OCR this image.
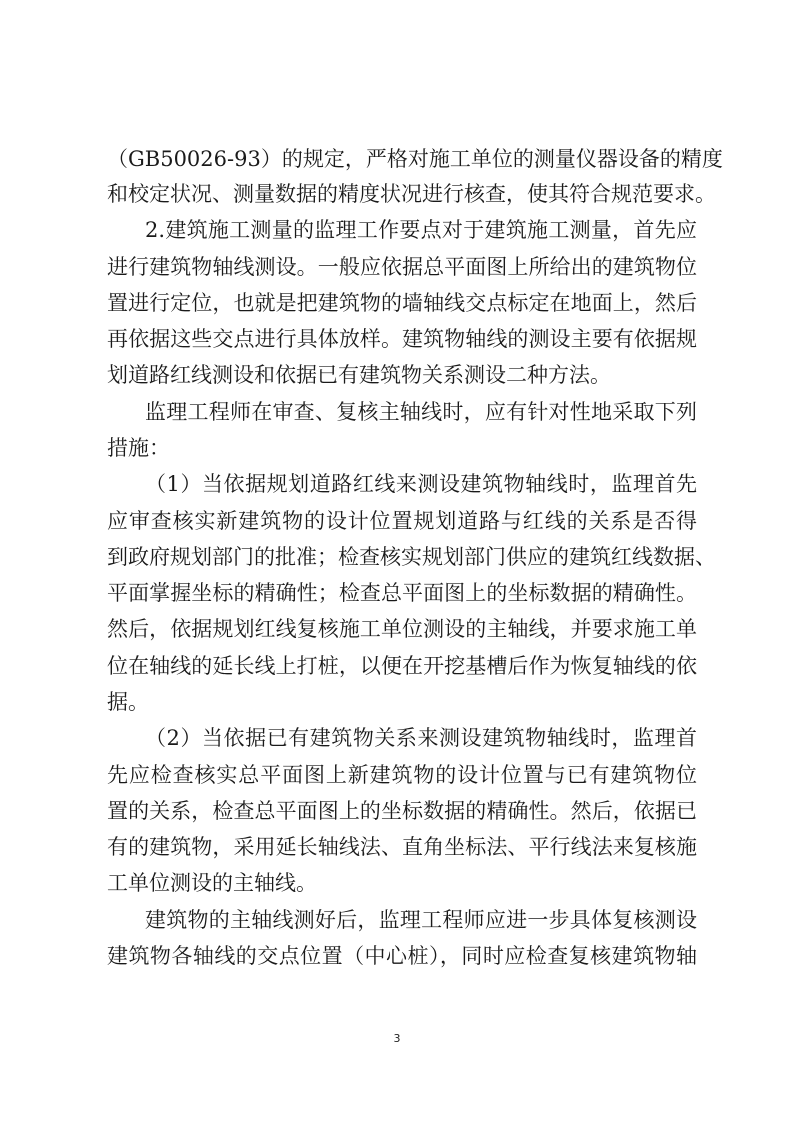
（GB50026-93）的规定，严格对施工单位的测量仪器设备的精度
和校定状况、测量数据的精度状况进行核查，使其符合规范要求。
2.建筑施工测量的监理工作要点对于建筑施工测量，首先应
进行建筑物轴线测设。一般应依据总平面图上所给出的建筑物位
置进行定位，也就是把建筑物的墙轴线交点标定在地面上，然后
再依据这些交点进行具体放样。建筑物轴线的测设主要有依据规
划道路红线测设和依据已有建筑物关系测设二种方法。
监理工程师在审查、复核主轴线时，应有针对性地采取下列
措施：
（1）当依据规划道路红线来测设建筑物轴线时，监理首先
应审查核实新建筑物的设计位置规划道路与红线的关系是否得
到政府规划部门的批准；检查核实规划部门供应的建筑红线数据、
平面掌握坐标的精确性；检查总平面图上的坐标数据的精确性。
然后，依据规划红线复核施工单位测设的主轴线，并要求施工单
位在轴线的延长线上打桩，以便在开挖基槽后作为恢复轴线的依
据。
（2）当依据已有建筑物关系来测设建筑物轴线时，监理首
先应检查核实总平面图上新建筑物的设计位置与已有建筑物位
置的关系，检查总平面图上的坐标数据的精确性。然后，依据已
有的建筑物，采用延长轴线法、直角坐标法、平行线法来复核施
工单位测设的主轴线。
建筑物的主轴线测好后，监理工程师应进一步具体复核测设
建筑物各轴线的交点位置（中心桩），同时应检查复核建筑物轴
3
